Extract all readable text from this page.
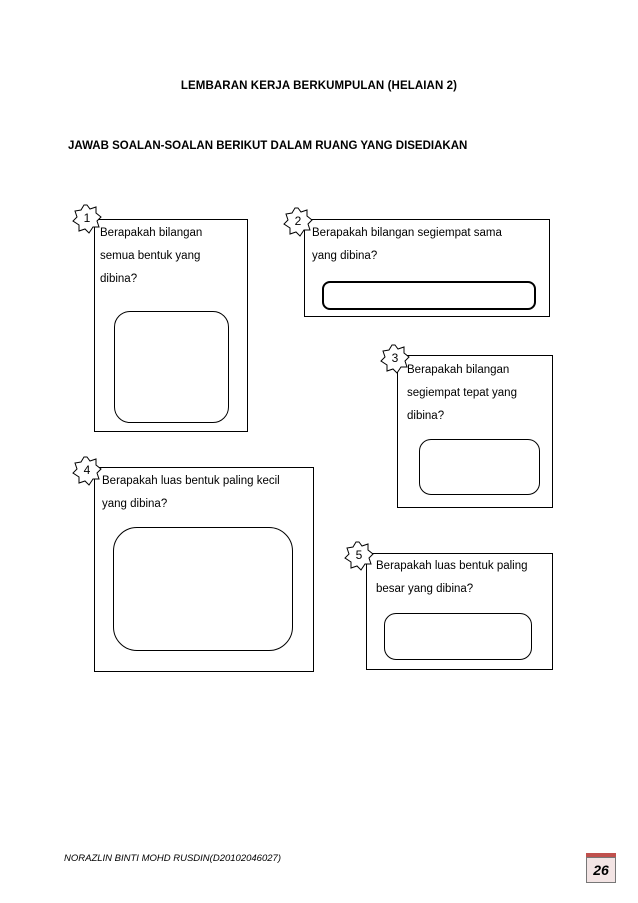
LEMBARAN KERJA BERKUMPULAN (HELAIAN 2)
JAWAB SOALAN-SOALAN BERIKUT DALAM RUANG YANG DISEDIAKAN
Berapakah bilangan
semua bentuk yang
dibina?
1
Berapakah bilangan segiempat sama
yang dibina?
2
Berapakah bilangan
segiempat tepat yang
dibina?
3
Berapakah luas bentuk paling kecil
yang dibina?
4
Berapakah luas bentuk paling
besar yang dibina?
5
NORAZLIN BINTI MOHD RUSDIN(D20102046027)
26
